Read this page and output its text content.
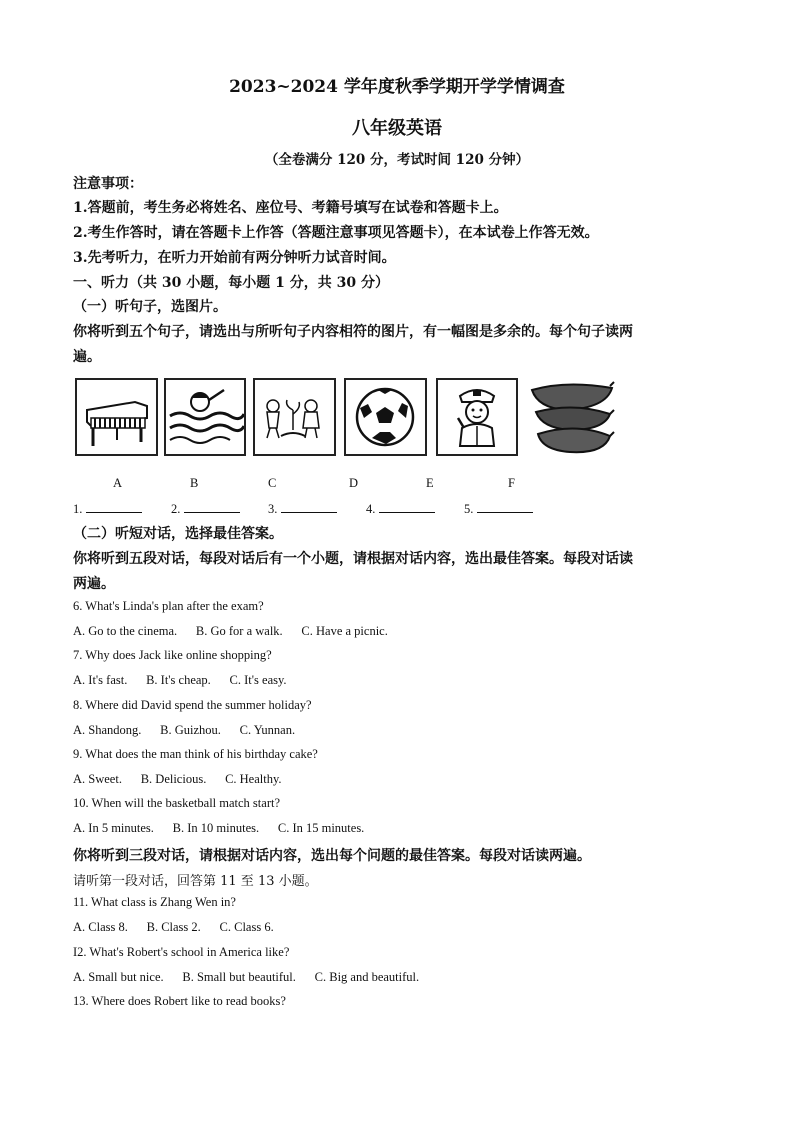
2023~2024 学年度秋季学期开学学情调查
八年级英语
（全卷满分 120 分，考试时间 120 分钟）
注意事项：
1.答题前，考生务必将姓名、座位号、考籍号填写在试卷和答题卡上。
2.考生作答时，请在答题卡上作答（答题注意事项见答题卡），在本试卷上作答无效。
3.先考听力，在听力开始前有两分钟听力试音时间。
一、听力（共 30 小题，每小题 1 分，共 30 分）
（一）听句子，选图片。
你将听到五个句子，请选出与所听句子内容相符的图片，有一幅图是多余的。每个句子读两
遍。
A	B	C	D	E	F
1.	2.	3.	4.	5.
（二）听短对话，选择最佳答案。
你将听到五段对话，每段对话后有一个小题，请根据对话内容，选出最佳答案。每段对话读
两遍。
6. What's Linda's plan after the exam?
A. Go to the cinema.      B. Go for a walk.      C. Have a picnic.
7. Why does Jack like online shopping?
A. It's fast.      B. It's cheap.      C. It's easy.
8. Where did David spend the summer holiday?
A. Shandong.      B. Guizhou.      C. Yunnan.
9. What does the man think of his birthday cake?
A. Sweet.      B. Delicious.      C. Healthy.
10. When will the basketball match start?
A. In 5 minutes.      B. In 10 minutes.      C. In 15 minutes.
你将听到三段对话，请根据对话内容，选出每个问题的最佳答案。每段对话读两遍。
请听第一段对话，回答第 11 至 13 小题。
11. What class is Zhang Wen in?
A. Class 8.      B. Class 2.      C. Class 6.
I2. What's Robert's school in America like?
A. Small but nice.      B. Small but beautiful.      C. Big and beautiful.
13. Where does Robert like to read books?
